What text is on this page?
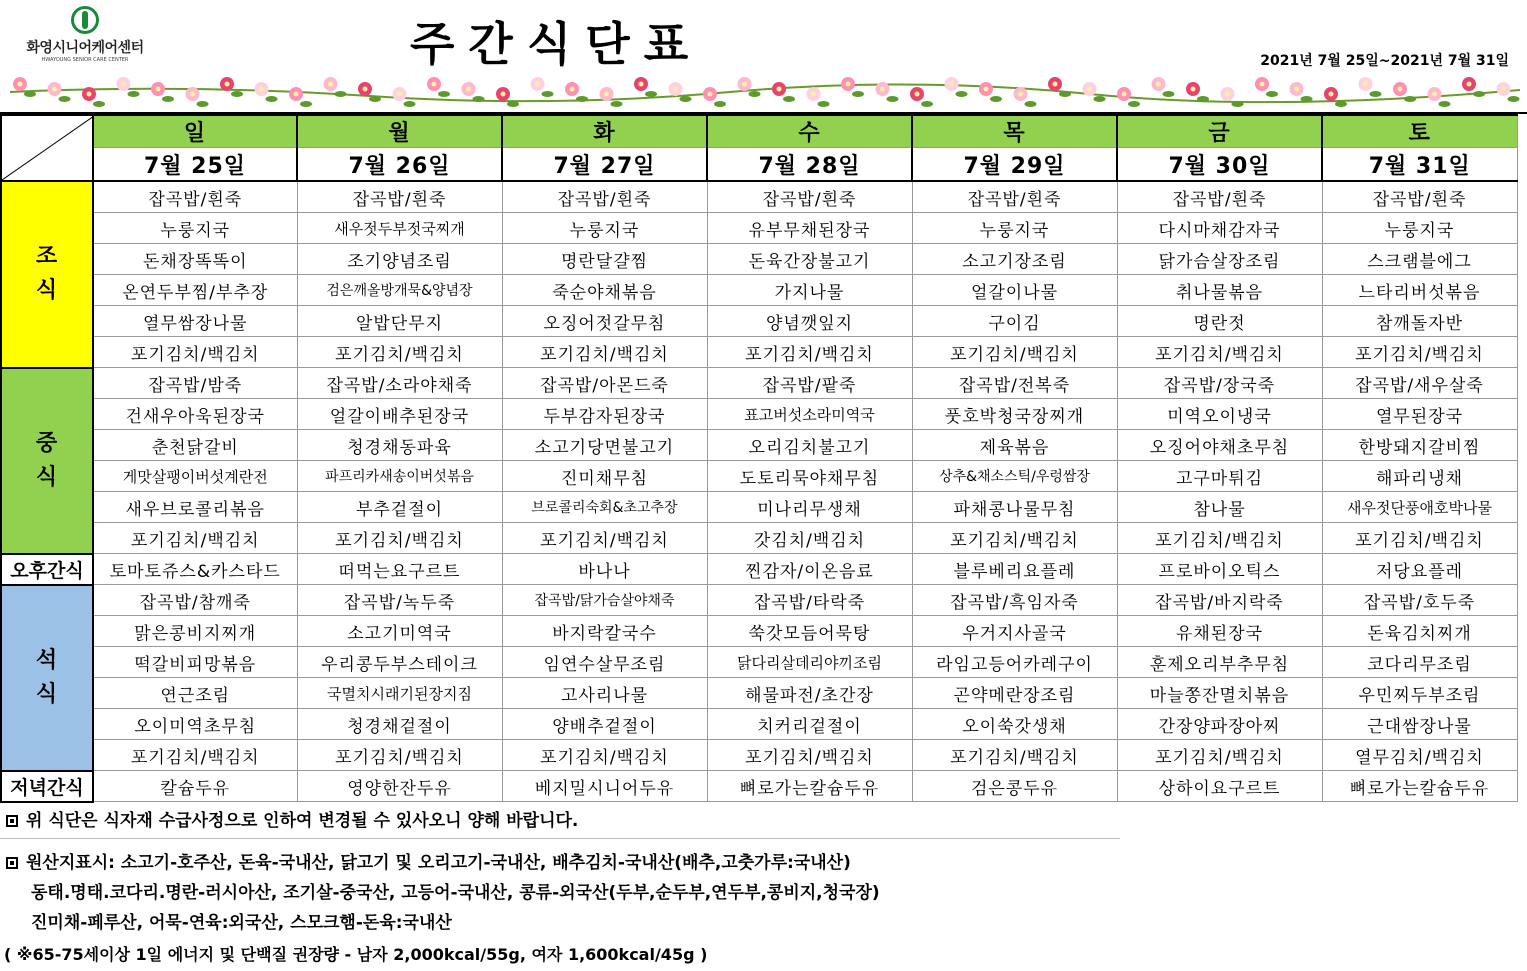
화영시니어케어센터
HWAYOUNG SENIOR CARE CENTER	주간식단표	2021년 7월 25일~2021년 7월 31일
	일	월	화	수	목	금	토
	7월 25일	7월 26일	7월 27일	7월 28일	7월 29일	7월 30일	7월 31일

조
식	잡곡밥/흰죽	잡곡밥/흰죽	잡곡밥/흰죽	잡곡밥/흰죽	잡곡밥/흰죽	잡곡밥/흰죽	잡곡밥/흰죽
	누룽지국	새우젓두부젓국찌개	누룽지국	유부무채된장국	누룽지국	다시마채감자국	누룽지국
	돈채장똑똑이	조기양념조림	명란달걀찜	돈육간장불고기	소고기장조림	닭가슴살장조림	스크램블에그
	온연두부찜/부추장	검은깨올방개묵&양념장	죽순야채볶음	가지나물	얼갈이나물	취나물볶음	느타리버섯볶음
	열무쌈장나물	알밥단무지	오징어젓갈무침	양념깻잎지	구이김	명란젓	참깨돌자반
	포기김치/백김치	포기김치/백김치	포기김치/백김치	포기김치/백김치	포기김치/백김치	포기김치/백김치	포기김치/백김치

중
식	잡곡밥/밤죽	잡곡밥/소라야채죽	잡곡밥/아몬드죽	잡곡밥/팥죽	잡곡밥/전복죽	잡곡밥/장국죽	잡곡밥/새우살죽
	건새우아욱된장국	얼갈이배추된장국	두부감자된장국	표고버섯소라미역국	풋호박청국장찌개	미역오이냉국	열무된장국
	춘천닭갈비	청경채동파육	소고기당면불고기	오리김치불고기	제육볶음	오징어야채초무침	한방돼지갈비찜
	게맛살팽이버섯계란전	파프리카새송이버섯볶음	진미채무침	도토리묵야채무침	상추&채소스틱/우렁쌈장	고구마튀김	해파리냉채
	새우브로콜리볶음	부추겉절이	브로콜리숙회&초고추장	미나리무생채	파채콩나물무침	참나물	새우젓단풍애호박나물
	포기김치/백김치	포기김치/백김치	포기김치/백김치	갓김치/백김치	포기김치/백김치	포기김치/백김치	포기김치/백김치
오후간식	토마토쥬스&카스타드	떠먹는요구르트	바나나	찐감자/이온음료	블루베리요플레	프로바이오틱스	저당요플레

석
식	잡곡밥/참깨죽	잡곡밥/녹두죽	잡곡밥/닭가슴살야채죽	잡곡밥/타락죽	잡곡밥/흑임자죽	잡곡밥/바지락죽	잡곡밥/호두죽
	맑은콩비지찌개	소고기미역국	바지락칼국수	쑥갓모듬어묵탕	우거지사골국	유채된장국	돈육김치찌개
	떡갈비피망볶음	우리콩두부스테이크	임연수살무조림	닭다리살데리야끼조림	라임고등어카레구이	훈제오리부추무침	코다리무조림
	연근조림	국멸치시래기된장지짐	고사리나물	해물파전/초간장	곤약메란장조림	마늘쫑잔멸치볶음	우민찌두부조림
	오이미역초무침	청경채겉절이	양배추겉절이	치커리겉절이	오이쑥갓생채	간장양파장아찌	근대쌈장나물
	포기김치/백김치	포기김치/백김치	포기김치/백김치	포기김치/백김치	포기김치/백김치	포기김치/백김치	열무김치/백김치
저녁간식	칼슘두유	영양한잔두유	베지밀시니어두유	뼈로가는칼슘두유	검은콩두유	상하이요구르트	뼈로가는칼슘두유
위 식단은 식자재 수급사정으로 인하여 변경될 수 있사오니 양해 바랍니다.
원산지표시: 소고기-호주산, 돈육-국내산, 닭고기 및 오리고기-국내산, 배추김치-국내산(배추,고춧가루:국내산)
동태.명태.코다리.명란-러시아산, 조기살-중국산, 고등어-국내산, 콩류-외국산(두부,순두부,연두부,콩비지,청국장)
진미채-페루산, 어묵-연육:외국산, 스모크햄-돈육:국내산
( ※65-75세이상 1일 에너지 및 단백질 권장량 - 남자 2,000kcal/55g, 여자 1,600kcal/45g )
